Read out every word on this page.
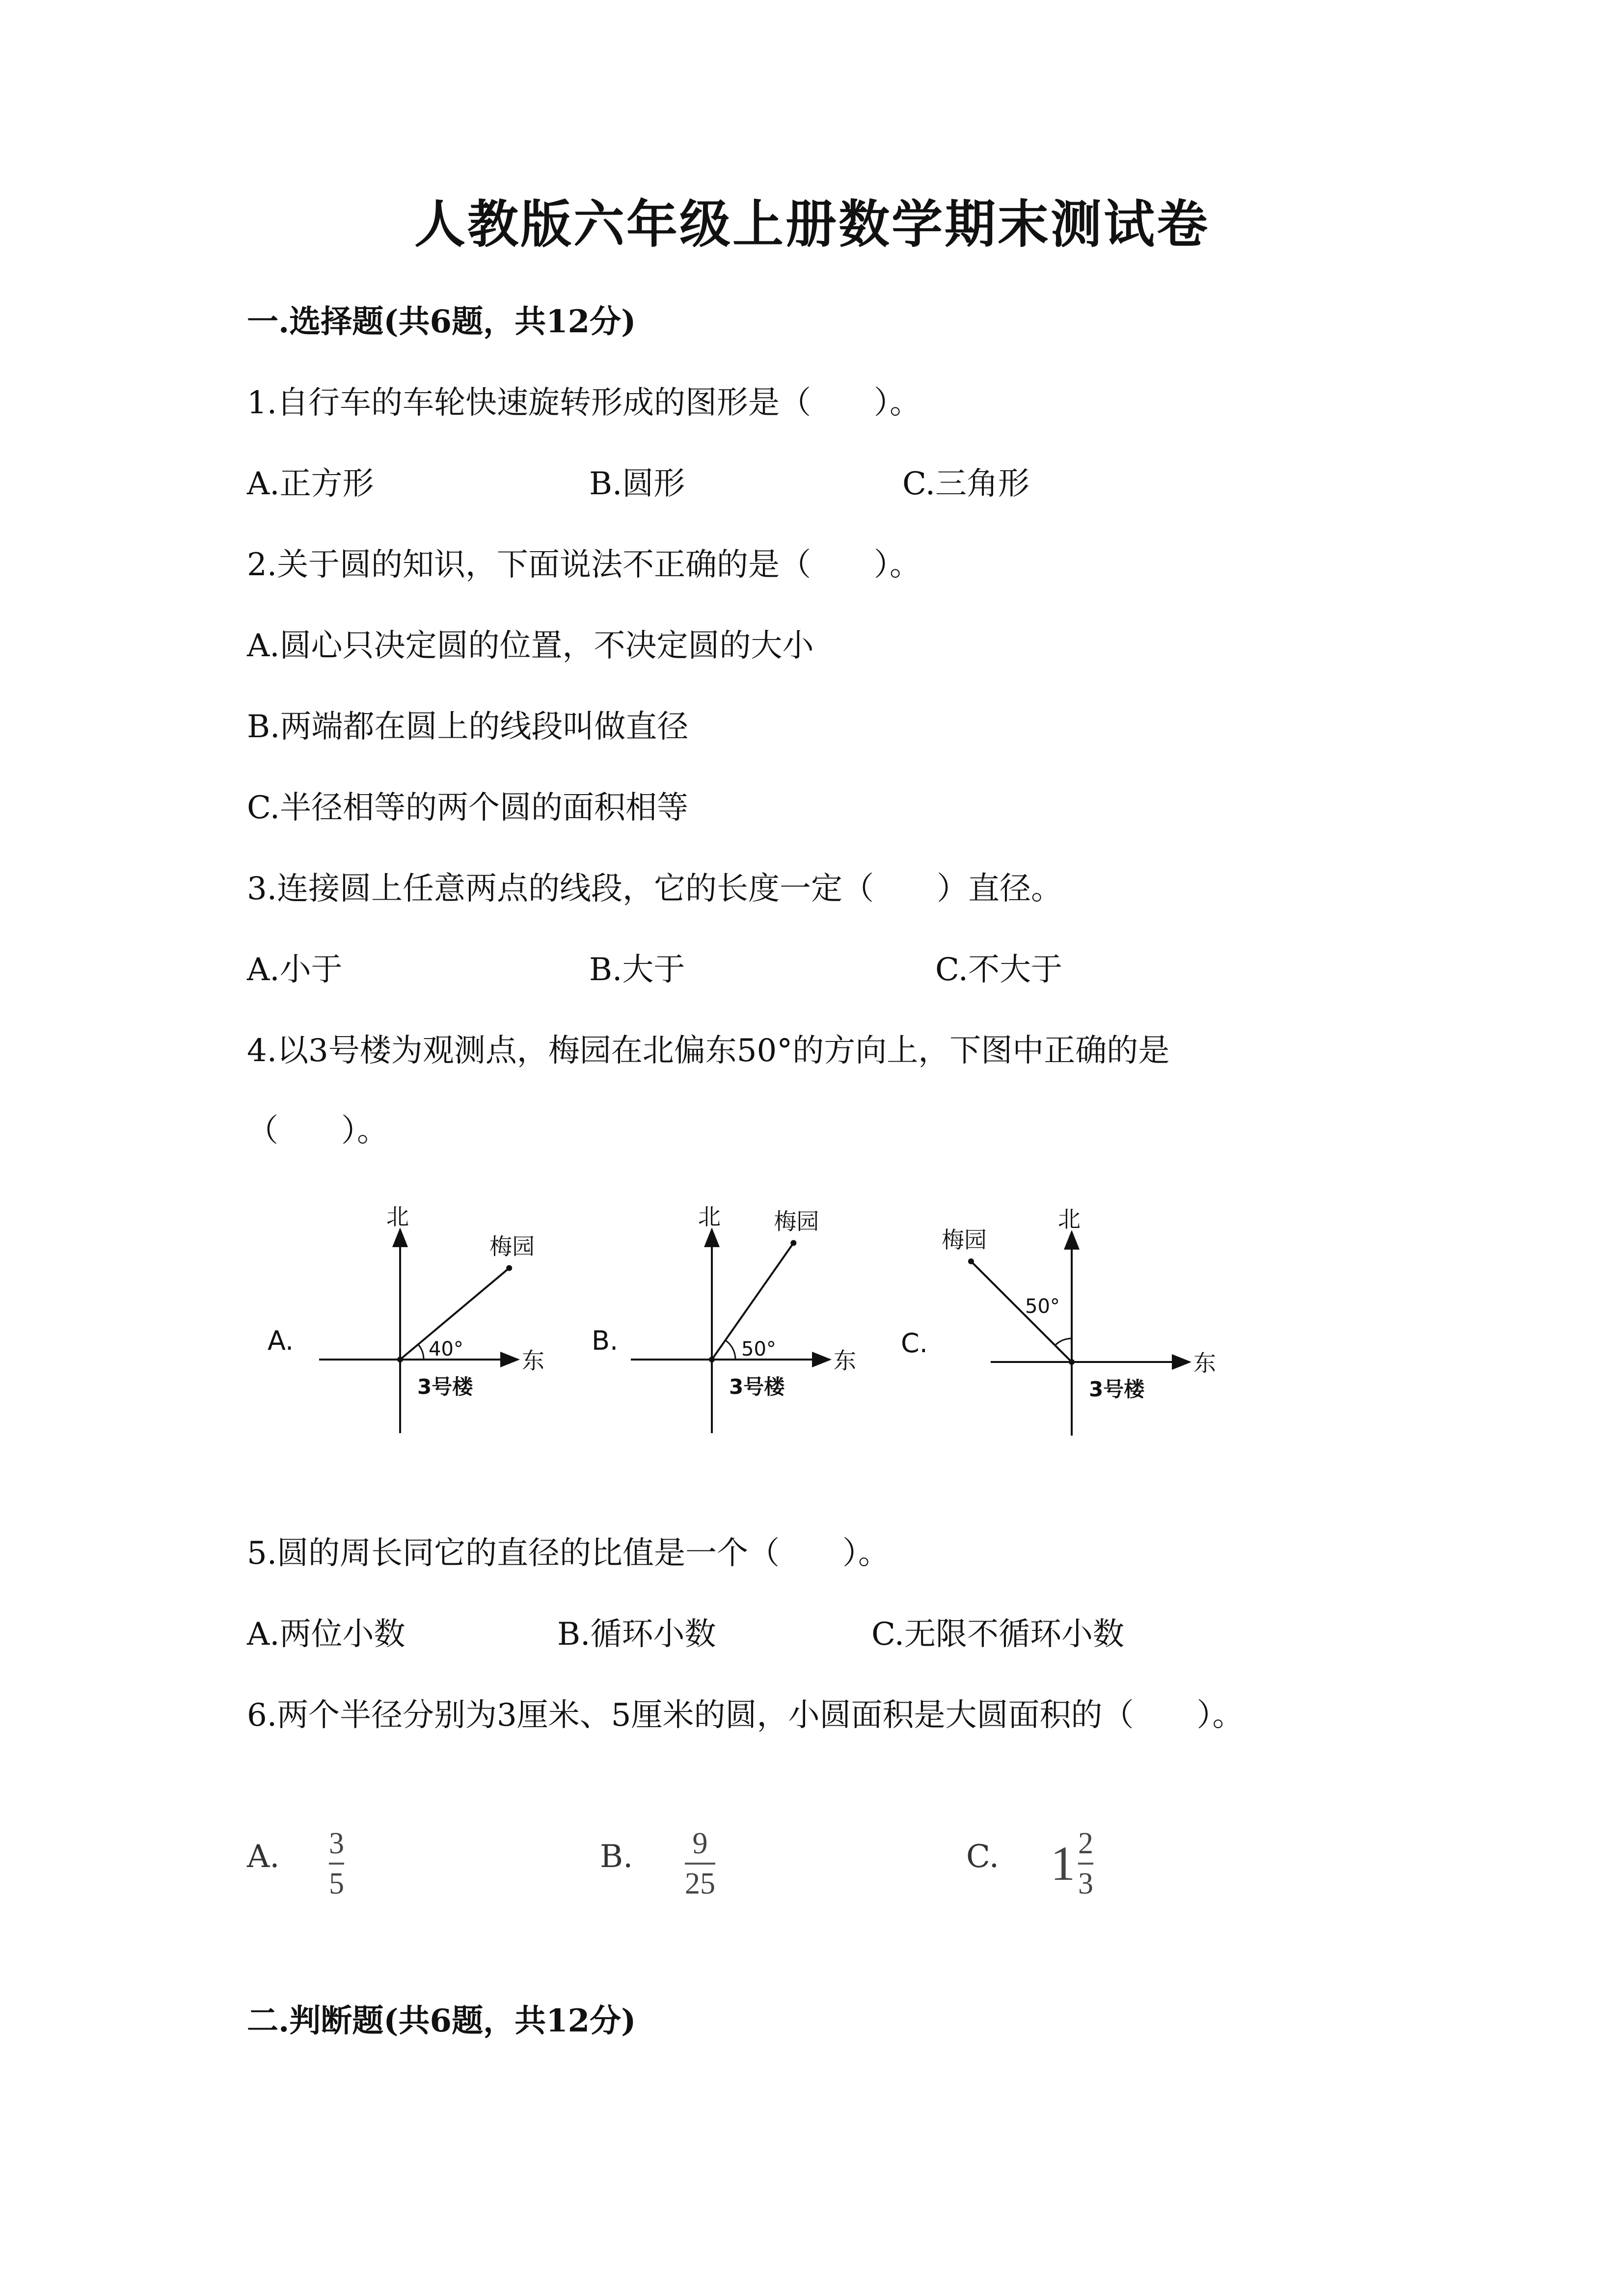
人教版六年级上册数学期末测试卷
一.选择题(共6题，共12分)
1.自行车的车轮快速旋转形成的图形是（　　）。
A.正方形	B.圆形	C.三角形
2.关于圆的知识，下面说法不正确的是（　　）。
A.圆心只决定圆的位置，不决定圆的大小
B.两端都在圆上的线段叫做直径
C.半径相等的两个圆的面积相等
3.连接圆上任意两点的线段，它的长度一定（　　）直径。
A.小于	B.大于	C.不大于
4.以3号楼为观测点，梅园在北偏东50°的方向上，下图中正确的是
（　　）。
A.
北
东
3号楼
梅园
40°	B.
北
东
3号楼
梅园
50°	C.
北
东
3号楼
梅园
50°
5.圆的周长同它的直径的比值是一个（　　）。
A.两位小数	B.循环小数	C.无限不循环小数
6.两个半径分别为3厘米、5厘米的圆，小圆面积是大圆面积的（　　）。
A. 3
5
B. 9
25
C. $1 \frac{2}{3}$
二.判断题(共6题，共12分)
